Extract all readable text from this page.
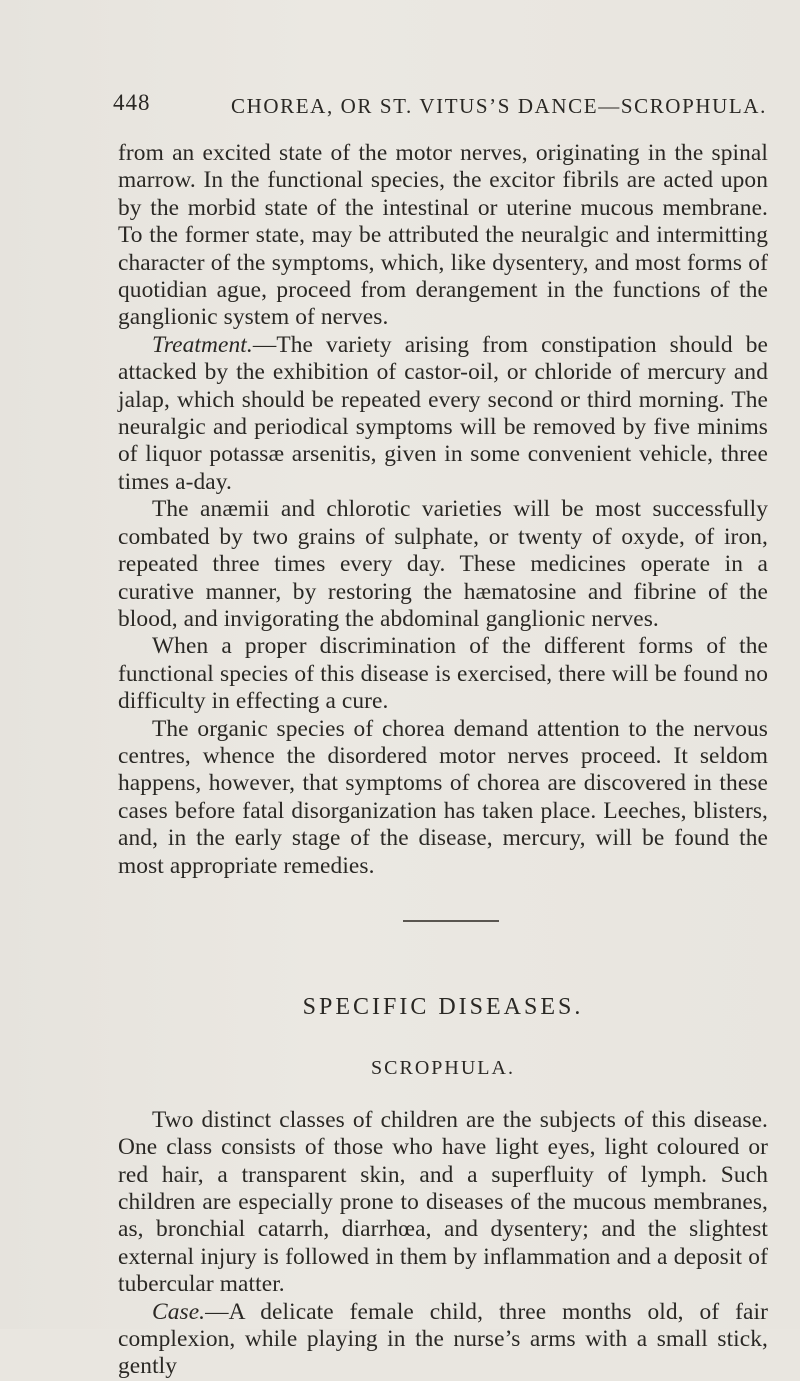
448	CHOREA, OR ST. VITUS’S DANCE—SCROPHULA.

from an excited state of the motor nerves, originating in the spinal marrow. In the functional species, the excitor fibrils are acted upon by the morbid state of the intestinal or uterine mucous membrane. To the former state, may be attributed the neuralgic and intermitting character of the symptoms, which, like dysentery, and most forms of quotidian ague, proceed from derangement in the functions of the ganglionic system of nerves.

Treatment.—The variety arising from constipation should be attacked by the exhibition of castor-oil, or chloride of mercury and jalap, which should be repeated every second or third morning. The neuralgic and periodical symptoms will be removed by five minims of liquor potassæ arsenitis, given in some convenient vehicle, three times a-day.

The anæmii and chlorotic varieties will be most successfully combated by two grains of sulphate, or twenty of oxyde, of iron, repeated three times every day. These medicines operate in a curative manner, by restoring the hæmatosine and fibrine of the blood, and invigorating the abdominal ganglionic nerves.

When a proper discrimination of the different forms of the functional species of this disease is exercised, there will be found no difficulty in effecting a cure.

The organic species of chorea demand attention to the nervous centres, whence the disordered motor nerves proceed. It seldom happens, however, that symptoms of chorea are discovered in these cases before fatal disorganization has taken place. Leeches, blisters, and, in the early stage of the disease, mercury, will be found the most appropriate remedies.

SPECIFIC DISEASES.
SCROPHULA.

Two distinct classes of children are the subjects of this disease. One class consists of those who have light eyes, light coloured or red hair, a transparent skin, and a superfluity of lymph. Such children are especially prone to diseases of the mucous membranes, as, bronchial catarrh, diarrhœa, and dysentery; and the slightest external injury is followed in them by inflammation and a deposit of tubercular matter.

Case.—A delicate female child, three months old, of fair complexion, while playing in the nurse’s arms with a small stick, gently
